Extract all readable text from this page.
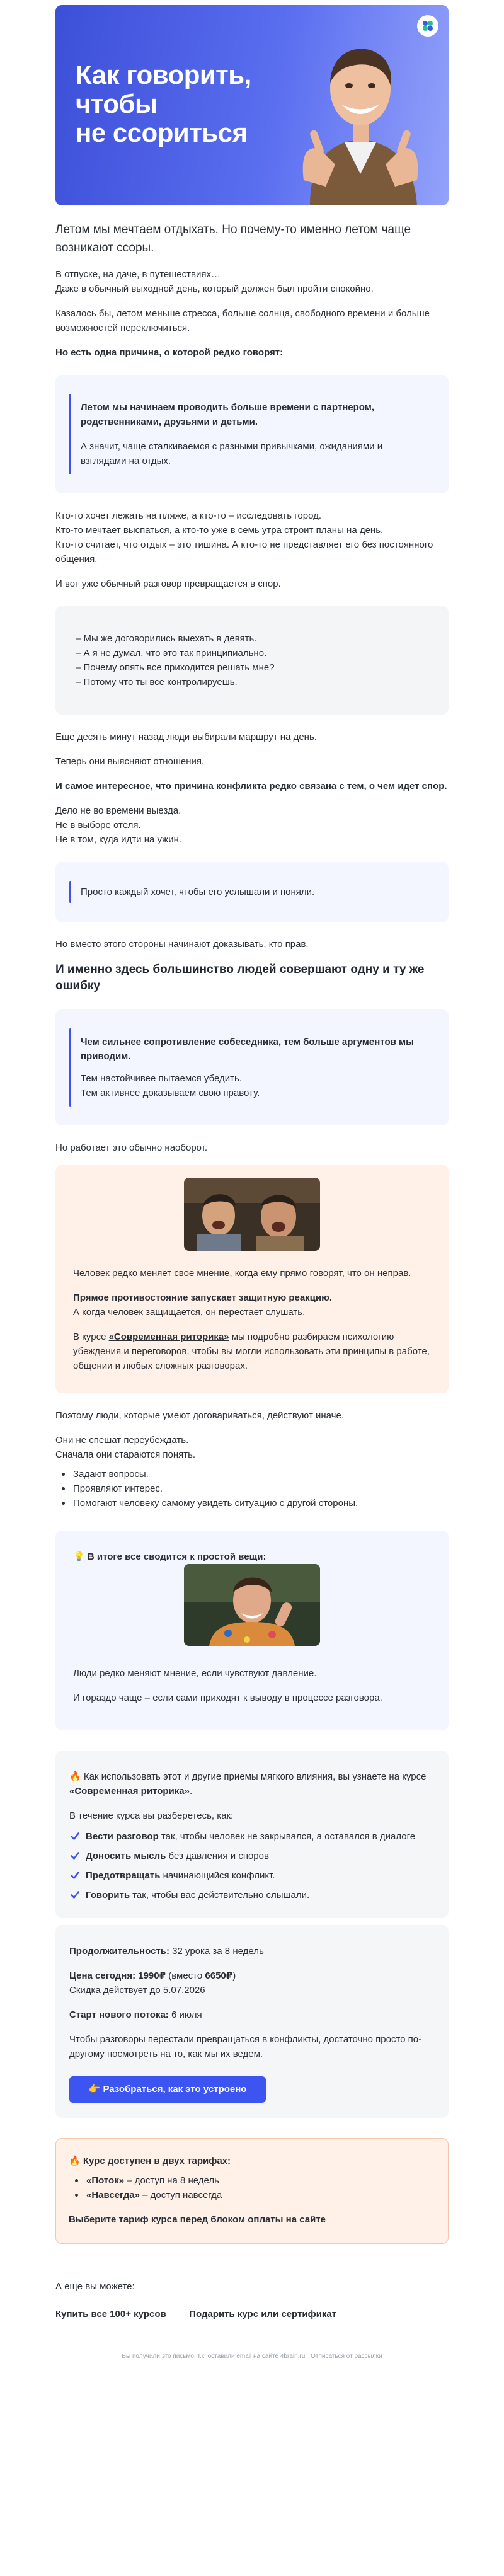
Как говорить,
чтобы
не ссориться
Летом мы мечтаем отдыхать. Но почему-то именно летом чаще возникают ссоры.

В отпуске, на даче, в путешествиях…

Даже в обычный выходной день, который должен был пройти спокойно.

Казалось бы, летом меньше стресса, больше солнца, свободного времени и больше возможностей переключиться.

Но есть одна причина, о которой редко говорят:

Летом мы начинаем проводить больше времени с партнером, родственниками, друзьями и детьми.

А значит, чаще сталкиваемся с разными привычками, ожиданиями и взглядами на отдых.

Кто-то хочет лежать на пляже, а кто-то – исследовать город.

Кто-то мечтает выспаться, а кто-то уже в семь утра строит планы на день.

Кто-то считает, что отдых – это тишина. А кто-то не представляет его без постоянного общения.

И вот уже обычный разговор превращается в спор.

– Мы же договорились выехать в девять.

– А я не думал, что это так принципиально.

– Почему опять все приходится решать мне?

– Потому что ты все контролируешь.

Еще десять минут назад люди выбирали маршрут на день.

Теперь они выясняют отношения.

И самое интересное, что причина конфликта редко связана с тем, о чем идет спор.

Дело не во времени выезда.

Не в выборе отеля.

Не в том, куда идти на ужин.

Просто каждый хочет, чтобы его услышали и поняли.

Но вместо этого стороны начинают доказывать, кто прав.

И именно здесь большинство людей совершают одну и ту же ошибку

Чем сильнее сопротивление собеседника, тем больше аргументов мы приводим.

Тем настойчивее пытаемся убедить.

Тем активнее доказываем свою правоту.

Но работает это обычно наоборот.

Человек редко меняет свое мнение, когда ему прямо говорят, что он неправ.

Прямое противостояние запускает защитную реакцию.

А когда человек защищается, он перестает слушать.

В курсе «Современная риторика» мы подробно разбираем психологию убеждения и переговоров, чтобы вы могли использовать эти принципы в работе, общении и любых сложных разговорах.

Поэтому люди, которые умеют договариваться, действуют иначе.

Они не спешат переубеждать.

Сначала они стараются понять.

Задают вопросы.
Проявляют интерес.
Помогают человеку самому увидеть ситуацию с другой стороны.

💡 В итоге все сводится к простой вещи:

Люди редко меняют мнение, если чувствуют давление.

И гораздо чаще – если сами приходят к выводу в процессе разговора.

🔥 Как использовать этот и другие приемы мягкого влияния, вы узнаете на курсе «Современная риторика».

В течение курса вы разберетесь, как:

Вести разговор так, чтобы человек не закрывался, а оставался в диалоге
Доносить мысль без давления и споров
Предотвращать начинающийся конфликт.
Говорить так, чтобы вас действительно слышали.

Продолжительность: 32 урока за 8 недель

Цена сегодня: 1990₽ (вместо 6650₽)

Скидка действует до 5.07.2026

Старт нового потока: 6 июля

Чтобы разговоры перестали превращаться в конфликты, достаточно просто по-другому посмотреть на то, как мы их ведем.

👉 Разобраться, как это устроено

🔥 Курс доступен в двух тарифах:

«Поток» – доступ на 8 недель
«Навсегда» – доступ навсегда

Выберите тариф курса перед блоком оплаты на сайте

А еще вы можете:

Купить все 100+ курсов Подарить курс или сертификат
Вы получили это письмо, т.к. оставили email на сайте 4brain.ru Отписаться от рассылки
